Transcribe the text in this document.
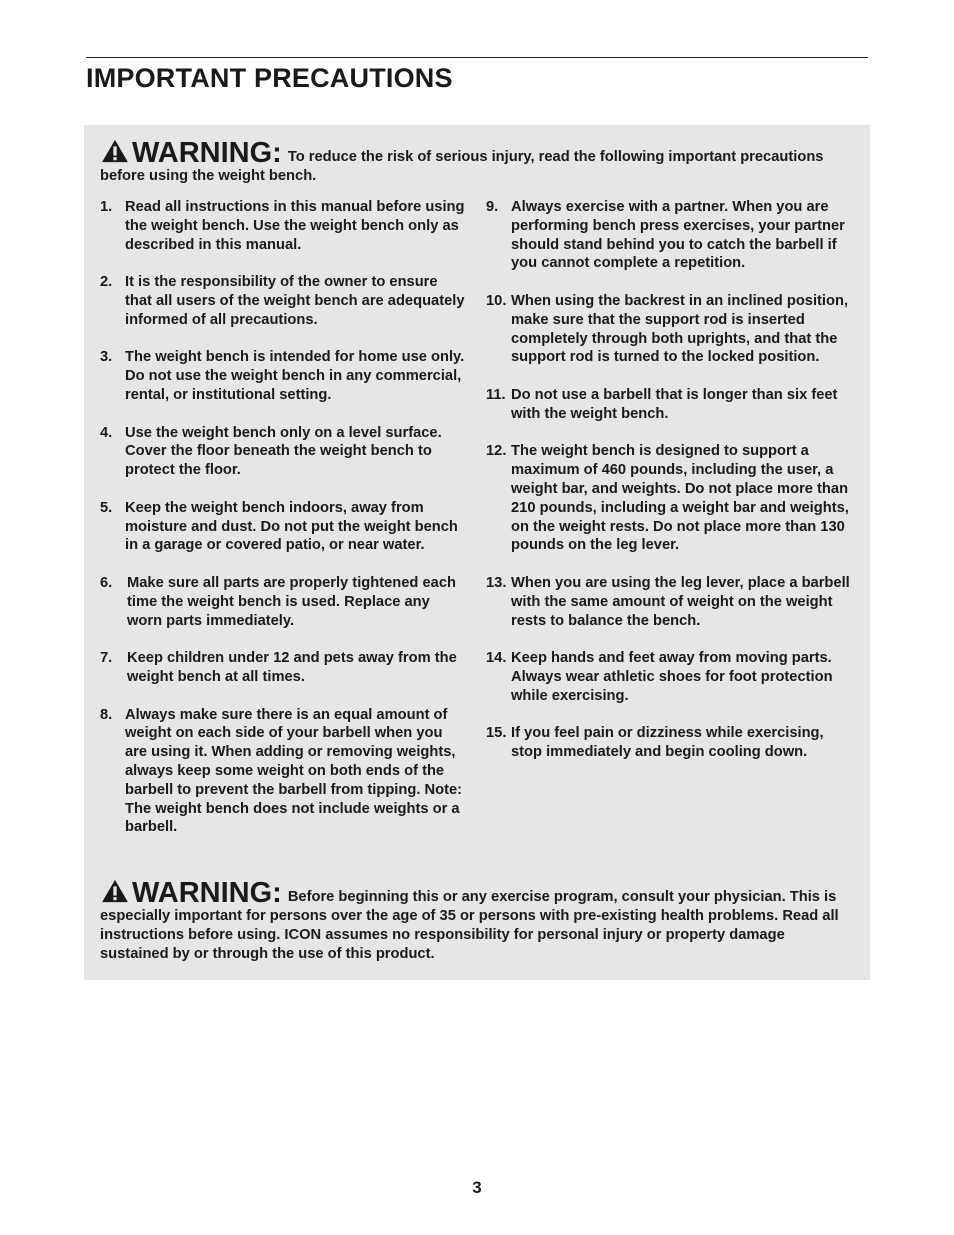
IMPORTANT PRECAUTIONS

WARNING: To reduce the risk of serious injury, read the following important precautions before using the weight bench.

1. Read all instructions in this manual before using the weight bench. Use the weight bench only as described in this manual.
2. It is the responsibility of the owner to ensure that all users of the weight bench are adequately informed of all precautions.
3. The weight bench is intended for home use only. Do not use the weight bench in any commercial, rental, or institutional setting.
4. Use the weight bench only on a level surface. Cover the floor beneath the weight bench to protect the floor.
5. Keep the weight bench indoors, away from moisture and dust. Do not put the weight bench in a garage or covered patio, or near water.
6. Make sure all parts are properly tightened each time the weight bench is used. Replace any worn parts immediately.
7. Keep children under 12 and pets away from the weight bench at all times.
8. Always make sure there is an equal amount of weight on each side of your barbell when you are using it. When adding or removing weights, always keep some weight on both ends of the barbell to prevent the barbell from tipping. Note: The weight bench does not include weights or a barbell.
9. Always exercise with a partner. When you are performing bench press exercises, your partner should stand behind you to catch the barbell if you cannot complete a repetition.
10. When using the backrest in an inclined position, make sure that the support rod is inserted completely through both uprights, and that the support rod is turned to the locked position.
11. Do not use a barbell that is longer than six feet with the weight bench.
12. The weight bench is designed to support a maximum of 460 pounds, including the user, a weight bar, and weights. Do not place more than 210 pounds, including a weight bar and weights, on the weight rests. Do not place more than 130 pounds on the leg lever.
13. When you are using the leg lever, place a barbell with the same amount of weight on the weight rests to balance the bench.
14. Keep hands and feet away from moving parts. Always wear athletic shoes for foot protection while exercising.
15. If you feel pain or dizziness while exercising, stop immediately and begin cooling down.

WARNING: Before beginning this or any exercise program, consult your physician. This is especially important for persons over the age of 35 or persons with pre-existing health problems. Read all instructions before using. ICON assumes no responsibility for personal injury or property damage sustained by or through the use of this product.

3
